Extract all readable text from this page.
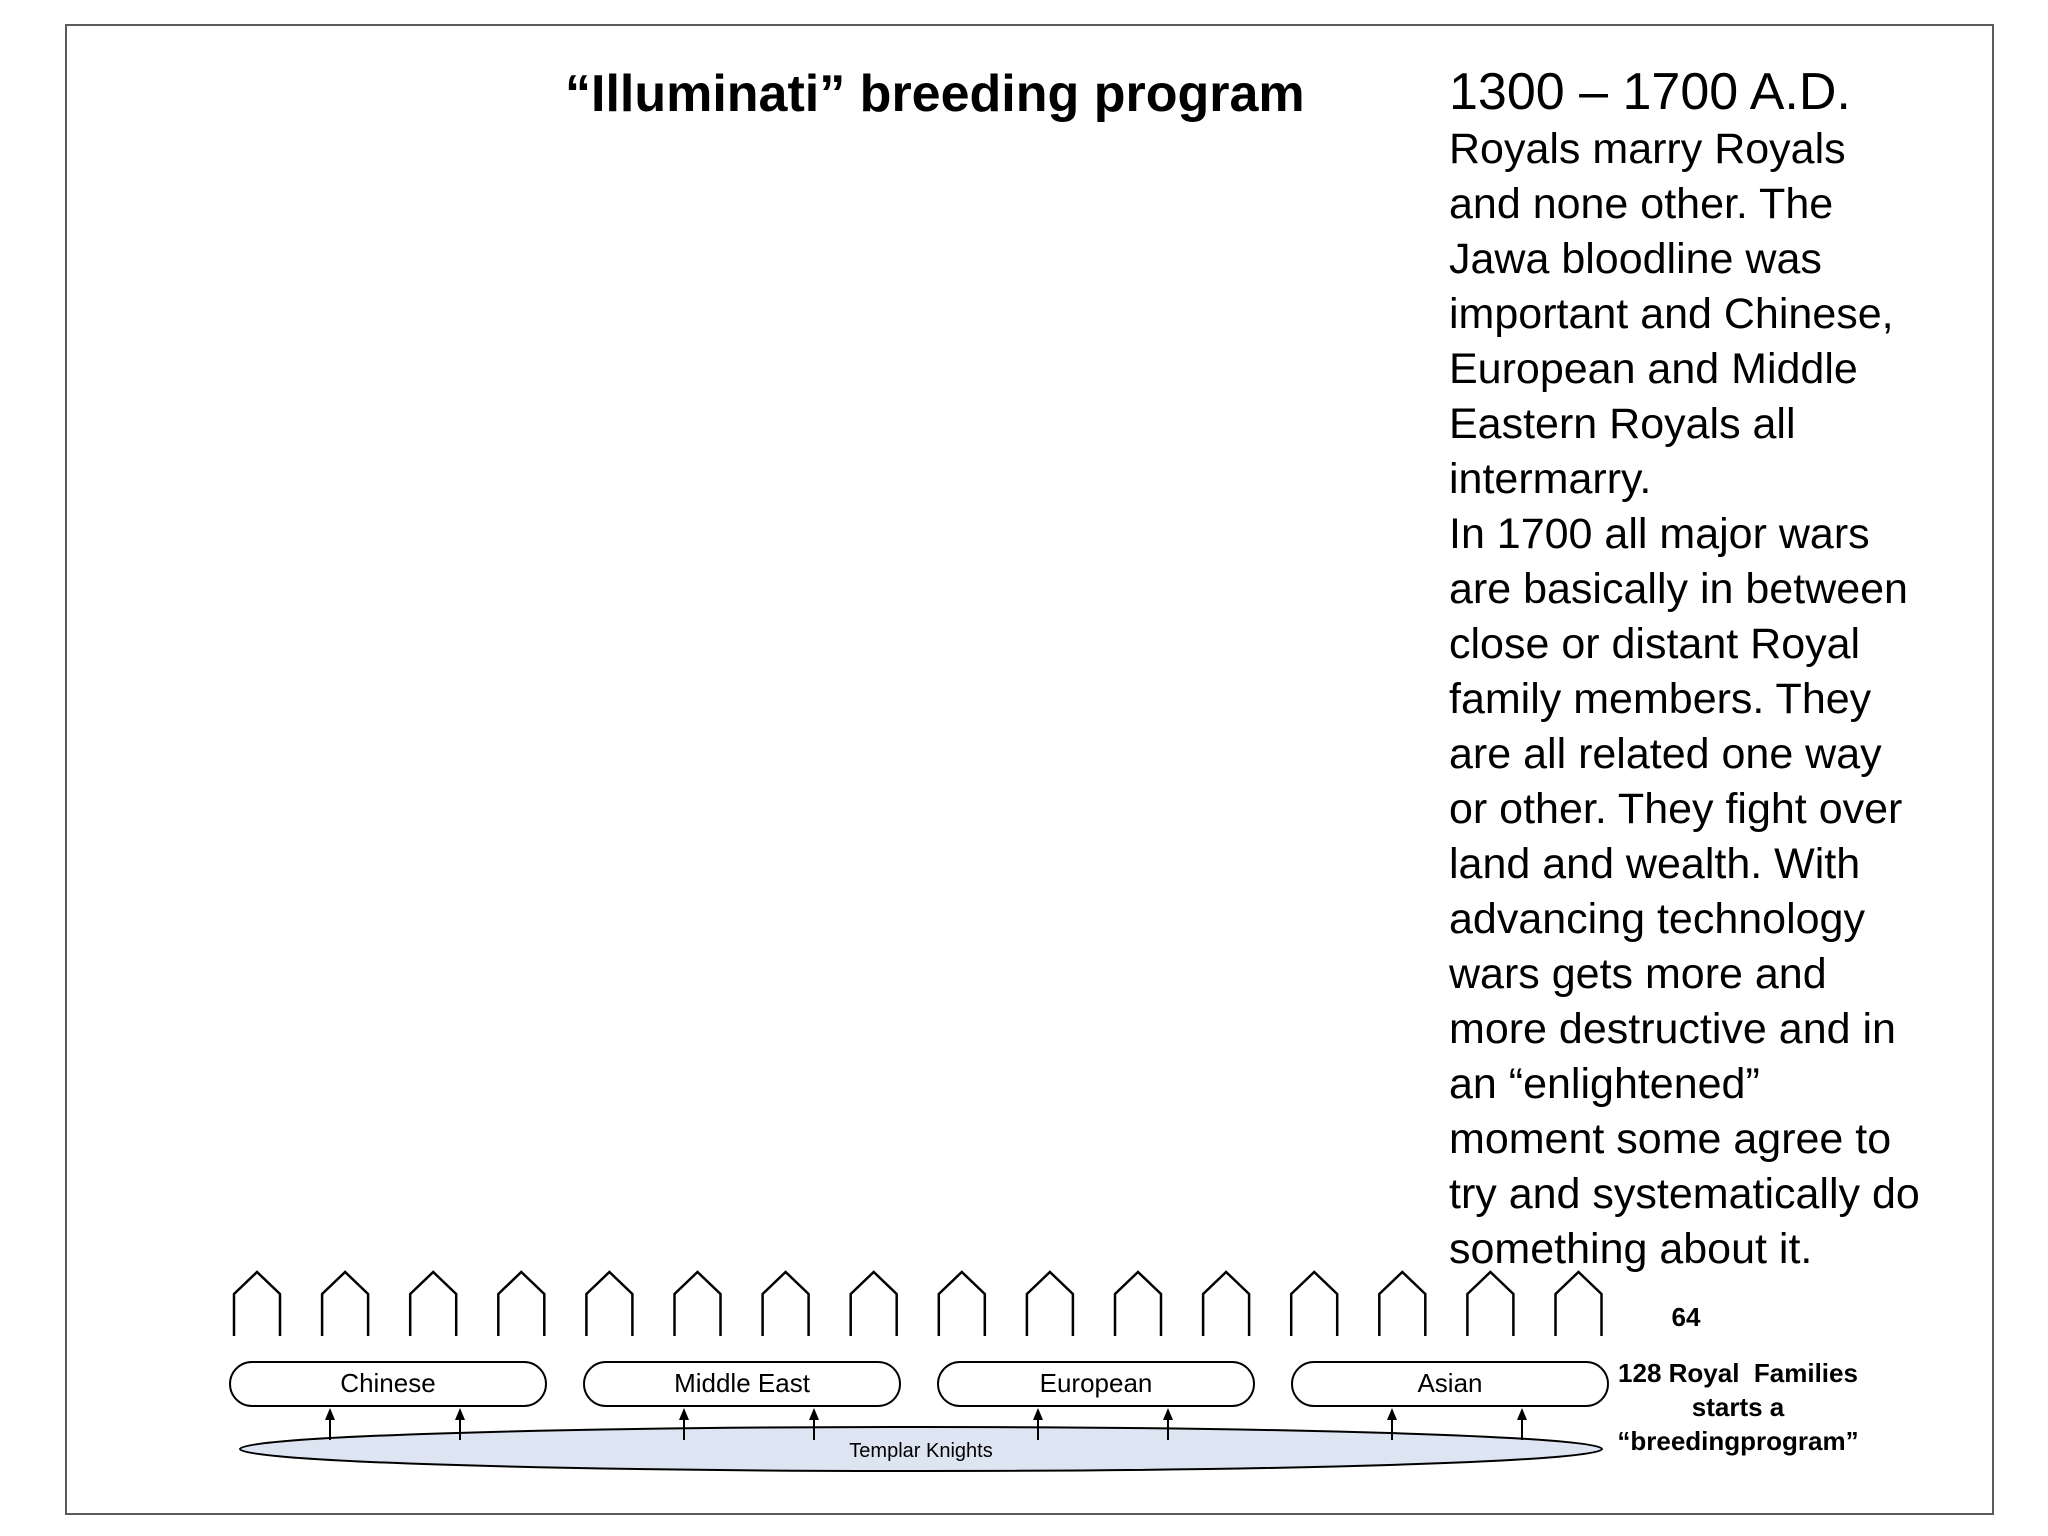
“Illuminati” breeding program	1300 – 1700 A.D.
Royals marry Royals
and none other. The
Jawa bloodline was
important and Chinese,
European and Middle
Eastern Royals all
intermarry.
In 1700 all major wars
are basically in between
close or distant Royal
family members. They
are all related one way
or other. They fight over
land and wealth. With
advancing technology
wars gets more and
more destructive and in
an “enlightened”
moment some agree to
try and systematically do
something about it.
Templar Knights
Chinese	Middle East	European	Asian
64
128 Royal  Families
starts a
“breedingprogram”
